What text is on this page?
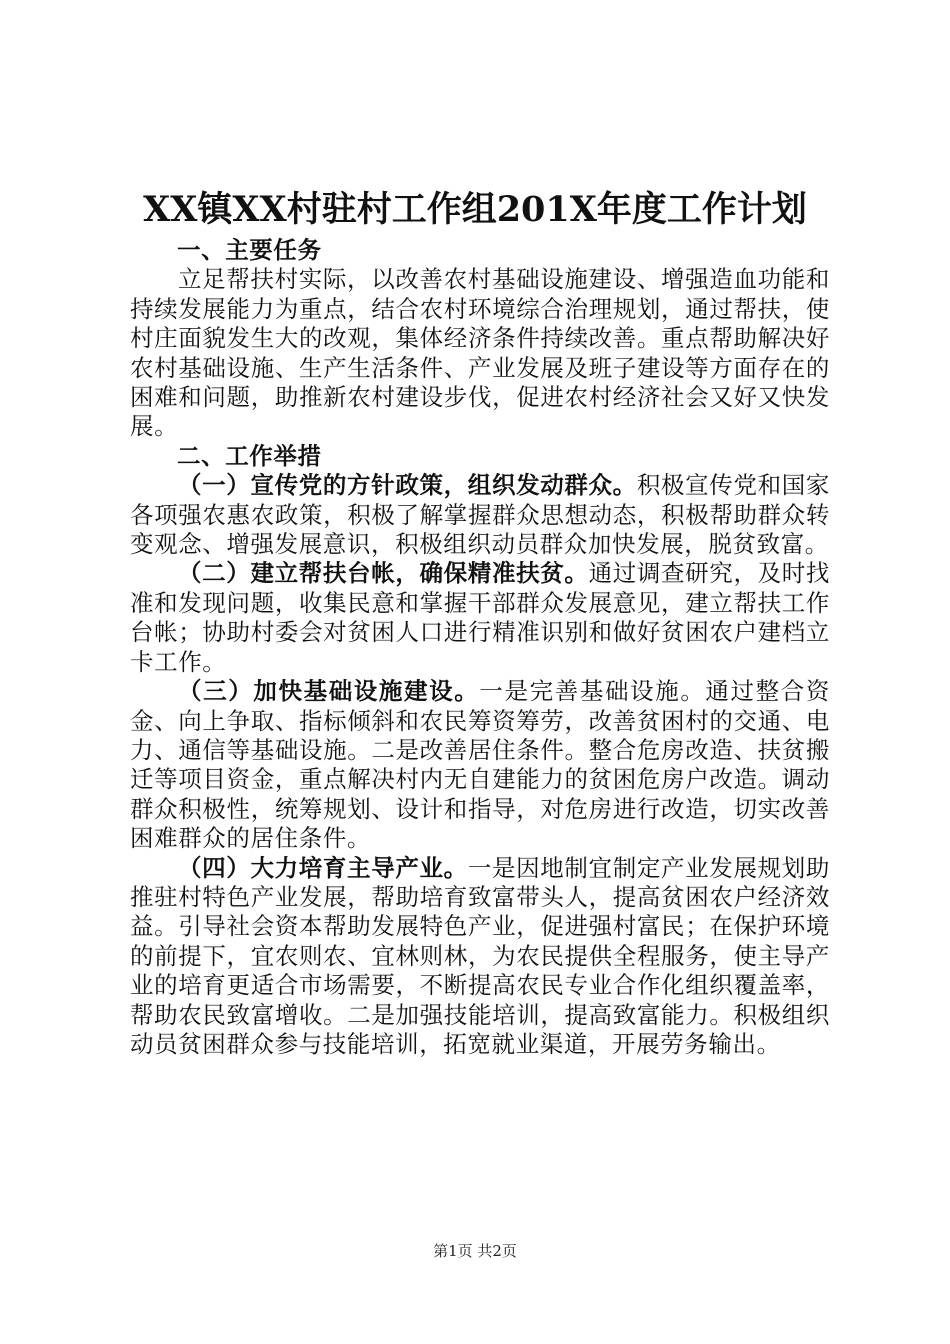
XX镇XX村驻村工作组201X年度工作计划

一、主要任务

立足帮扶村实际，以改善农村基础设施建设、增强造血功能和持续发展能力为重点，结合农村环境综合治理规划，通过帮扶，使村庄面貌发生大的改观，集体经济条件持续改善。重点帮助解决好农村基础设施、生产生活条件、产业发展及班子建设等方面存在的困难和问题，助推新农村建设步伐，促进农村经济社会又好又快发展。

二、工作举措

（一）宣传党的方针政策，组织发动群众。积极宣传党和国家各项强农惠农政策，积极了解掌握群众思想动态，积极帮助群众转变观念、增强发展意识，积极组织动员群众加快发展，脱贫致富。

（二）建立帮扶台帐，确保精准扶贫。通过调查研究，及时找准和发现问题，收集民意和掌握干部群众发展意见，建立帮扶工作台帐；协助村委会对贫困人口进行精准识别和做好贫困农户建档立卡工作。

（三）加快基础设施建设。一是完善基础设施。通过整合资金、向上争取、指标倾斜和农民筹资筹劳，改善贫困村的交通、电力、通信等基础设施。二是改善居住条件。整合危房改造、扶贫搬迁等项目资金，重点解决村内无自建能力的贫困危房户改造。调动群众积极性，统筹规划、设计和指导，对危房进行改造，切实改善困难群众的居住条件。

（四）大力培育主导产业。一是因地制宜制定产业发展规划助推驻村特色产业发展，帮助培育致富带头人，提高贫困农户经济效益。引导社会资本帮助发展特色产业，促进强村富民；在保护环境的前提下，宜农则农、宜林则林，为农民提供全程服务，使主导产业的培育更适合市场需要，不断提高农民专业合作化组织覆盖率，帮助农民致富增收。二是加强技能培训，提高致富能力。积极组织动员贫困群众参与技能培训，拓宽就业渠道，开展劳务输出。

第1页 共2页
